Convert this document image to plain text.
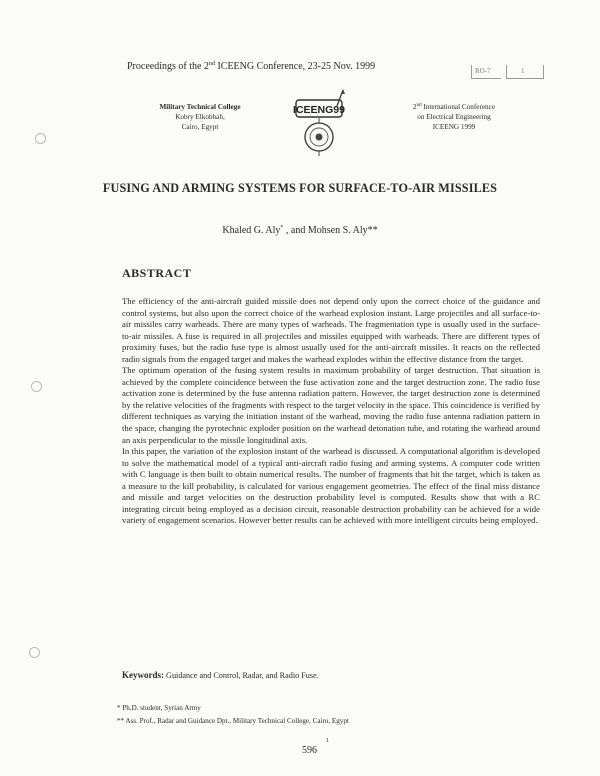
Proceedings of the 2nd ICEENG Conference, 23-25 Nov. 1999	RO-7	1
Military Technical College
Kobry Elkobbah,
Cairo, Egypt
ICEENG99	2nd International Conference
on Electrical Engineering
ICEENG 1999
FUSING AND ARMING SYSTEMS FOR SURFACE-TO-AIR MISSILES
Khaled G. Aly* , and Mohsen S. Aly**
ABSTRACT

The efficiency of the anti-aircraft guided missile does not depend only upon the correct choice of the guidance and control systems, but also upon the correct choice of the warhead explosion instant. Large projectiles and all surface-to-air missiles carry warheads. There are many types of warheads. The fragmentation type is usually used in the surface-to-air missiles. A fuse is required in all projectiles and missiles equipped with warheads. There are different types of proximity fuses, but the radio fuse type is almost usually used for the anti-aircraft missiles. It reacts on the reflected radio signals from the engaged target and makes the warhead explodes within the effective distance from the target.

The optimum operation of the fusing system results in maximum probability of target destruction. That situation is achieved by the complete coincidence between the fuse activation zone and the target destruction zone. The radio fuse activation zone is determined by the fuse antenna radiation pattern. However, the target destruction zone is determined by the relative velocities of the fragments with respect to the target velocity in the space. This coincidence is verified by different techniques as varying the initiation instant of the warhead, moving the radio fuse antenna radiation pattern in the space, changing the pyrotechnic exploder position on the warhead detonation tube, and rotating the warhead around an axis perpendicular to the missile longitudinal axis.

In this paper, the variation of the explosion instant of the warhead is discussed. A computational algorithm is developed to solve the mathematical model of a typical anti-aircraft radio fusing and arming systems. A computer code written with C language is then built to obtain numerical results. The number of fragments that hit the target, which is taken as a measure to the kill probability, is calculated for various engagement geometries. The effect of the final miss distance and missile and target velocities on the destruction probability level is computed. Results show that with a RC integrating circuit being employed as a decision circuit, reasonable destruction probability can be achieved for a wide variety of engagement scenarios. However better results can be achieved with more intelligent circuits being employed.

Keywords: Guidance and Control, Radar, and Radio Fuse.
* Ph.D. student, Syrian Army
** Ass. Prof., Radar and Guidance Dpt., Military Technical College, Cairo, Egypt
1
596
